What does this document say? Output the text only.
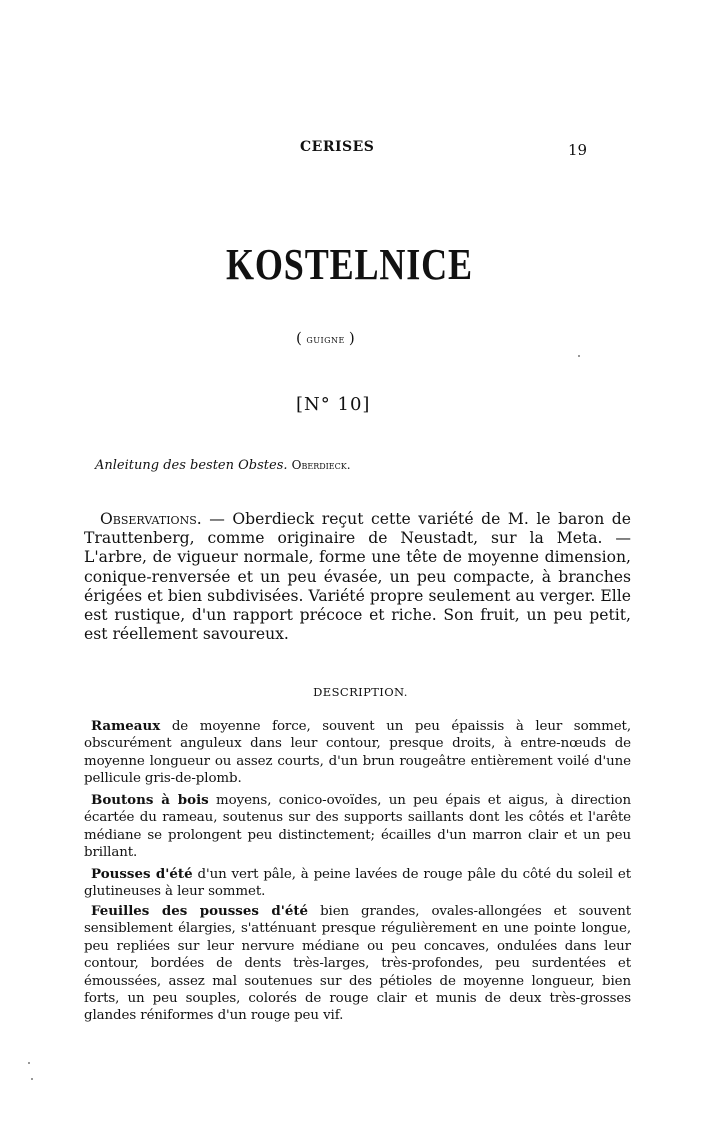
CERISES	19
KOSTELNICE
( guigne )
[N° 10]
Anleitung des besten Obstes. Oberdieck.

Observations. — Oberdieck reçut cette variété de M. le baron de Trauttenberg, comme originaire de Neustadt, sur la Meta. — L'arbre, de vigueur normale, forme une tête de moyenne dimension, conique-renversée et un peu évasée, un peu compacte, à branches érigées et bien subdivisées. Variété propre seulement au verger. Elle est rustique, d'un rapport précoce et riche. Son fruit, un peu petit, est réellement savoureux.

DESCRIPTION.

Rameaux de moyenne force, souvent un peu épaissis à leur sommet, obscurément anguleux dans leur contour, presque droits, à entre-nœuds de moyenne longueur ou assez courts, d'un brun rougeâtre entièrement voilé d'une pellicule gris-de-plomb.

Boutons à bois moyens, conico-ovoïdes, un peu épais et aigus, à direction écartée du rameau, soutenus sur des supports saillants dont les côtés et l'arête médiane se prolongent peu distinctement; écailles d'un marron clair et un peu brillant.

Pousses d'été d'un vert pâle, à peine lavées de rouge pâle du côté du soleil et glutineuses à leur sommet.

Feuilles des pousses d'été bien grandes, ovales-allongées et souvent sensiblement élargies, s'atténuant presque régulièrement en une pointe longue, peu repliées sur leur nervure médiane ou peu concaves, ondulées dans leur contour, bordées de dents très-larges, très-profondes, peu surdentées et émoussées, assez mal soutenues sur des pétioles de moyenne longueur, bien forts, un peu souples, colorés de rouge clair et munis de deux très-grosses glandes réniformes d'un rouge peu vif.
